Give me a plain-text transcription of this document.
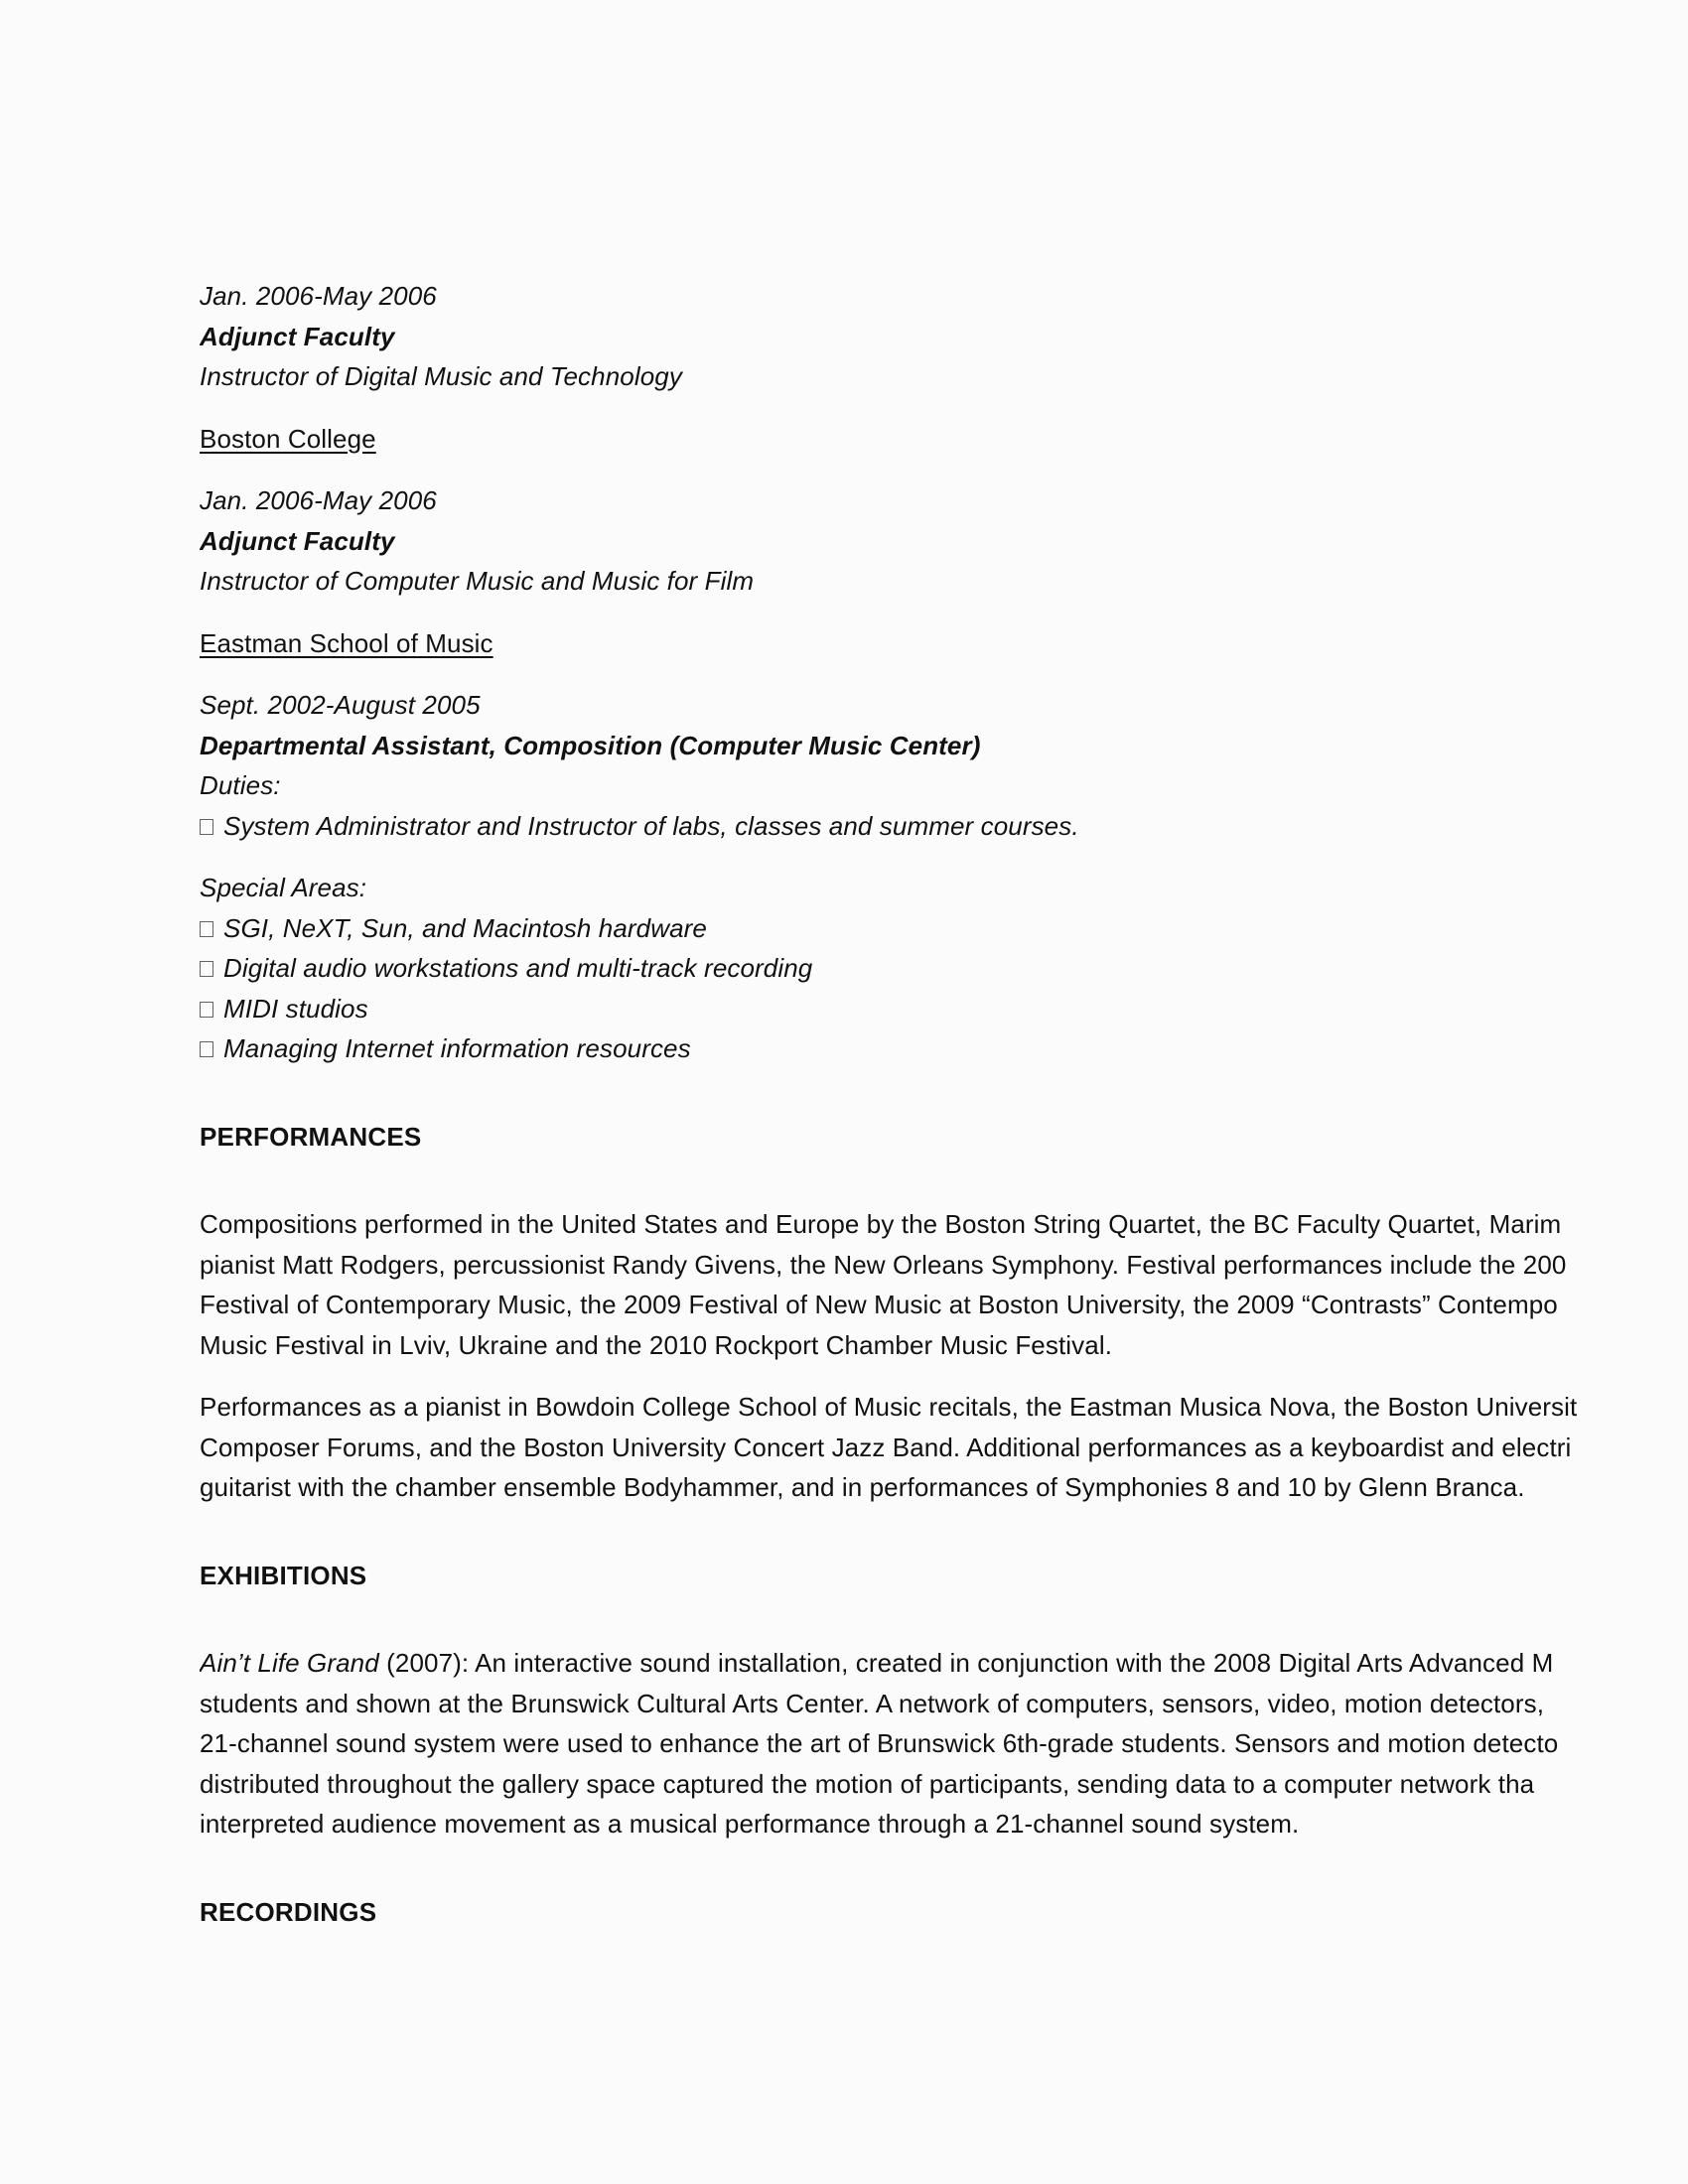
Jan. 2006-May 2006
Adjunct Faculty
Instructor of Digital Music and Technology
Boston College
Jan. 2006-May 2006
Adjunct Faculty
Instructor of Computer Music and Music for Film
Eastman School of Music
Sept. 2002-August 2005
Departmental Assistant, Composition (Computer Music Center)
Duties:
System Administrator and Instructor of labs, classes and summer courses.
Special Areas:
SGI, NeXT, Sun, and Macintosh hardware
Digital audio workstations and multi-track recording
MIDI studios
Managing Internet information resources
PERFORMANCES
Compositions performed in the United States and Europe by the Boston String Quartet, the BC Faculty Quartet, Marim
pianist Matt Rodgers, percussionist Randy Givens, the New Orleans Symphony. Festival performances include the 200
Festival of Contemporary Music, the 2009 Festival of New Music at Boston University, the 2009 “Contrasts” Contempo
Music Festival in Lviv, Ukraine and the 2010 Rockport Chamber Music Festival.
Performances as a pianist in Bowdoin College School of Music recitals, the Eastman Musica Nova, the Boston Universit
Composer Forums, and the Boston University Concert Jazz Band. Additional performances as a keyboardist and electri
guitarist with the chamber ensemble Bodyhammer, and in performances of Symphonies 8 and 10 by Glenn Branca.
EXHIBITIONS
Ain’t Life Grand (2007): An interactive sound installation, created in conjunction with the 2008 Digital Arts Advanced M
students and shown at the Brunswick Cultural Arts Center. A network of computers, sensors, video, motion detectors,
21-channel sound system were used to enhance the art of Brunswick 6th-grade students. Sensors and motion detecto
distributed throughout the gallery space captured the motion of participants, sending data to a computer network tha
interpreted audience movement as a musical performance through a 21-channel sound system.
RECORDINGS
